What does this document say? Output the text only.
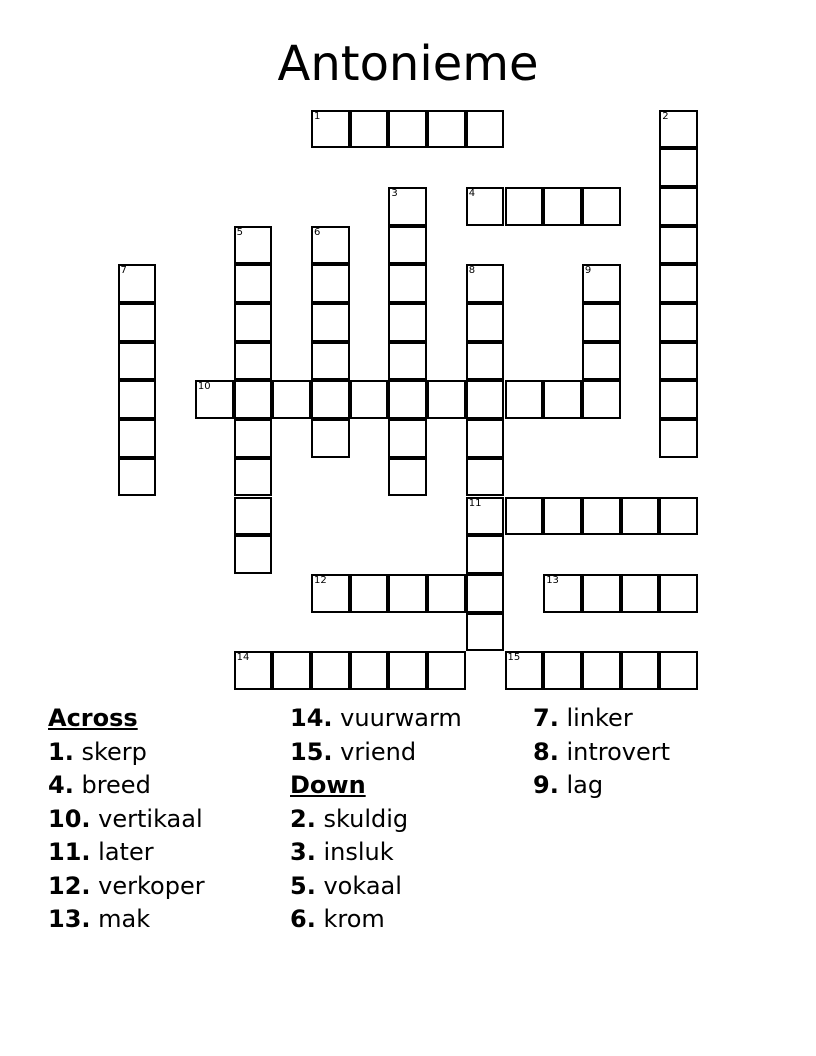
Antonieme
1	2
3	4
5	6
7	8	9
10
11
12	13
14	15
Across
1. skerp
4. breed
10. vertikaal
11. later
12. verkoper
13. mak
14. vuurwarm
15. vriend
Down
2. skuldig
3. insluk
5. vokaal
6. krom
7. linker
8. introvert
9. lag
